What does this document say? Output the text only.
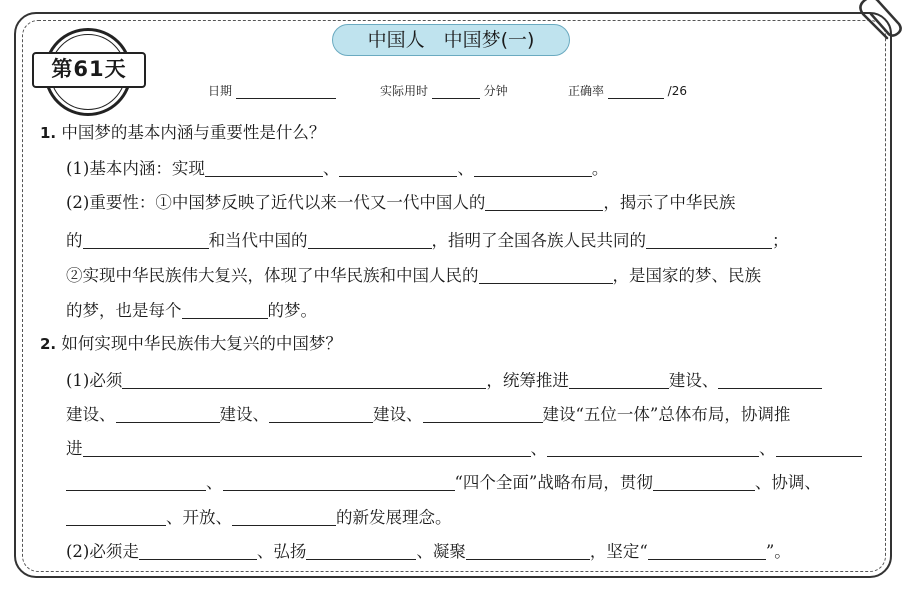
第61天
中国人　中国梦(一)
日期	实际用时	分钟	正确率	/26
1. 中国梦的基本内涵与重要性是什么？
(1)基本内涵：实现	、	、	。
(2)重要性：①中国梦反映了近代以来一代又一代中国人的	，揭示了中华民族
的	和当代中国的	，指明了全国各族人民共同的	；
②实现中华民族伟大复兴，体现了中华民族和中国人民的	，是国家的梦、民族
的梦，也是每个	的梦。
2. 如何实现中华民族伟大复兴的中国梦？
(1)必须	，统筹推进	建设、
建设、	建设、	建设、	建设“五位一体”总体布局，协调推
进	、	、
、	“四个全面”战略布局，贯彻	、协调、
、开放、	的新发展理念。
(2)必须走	、弘扬	、凝聚	，坚定“	”。
